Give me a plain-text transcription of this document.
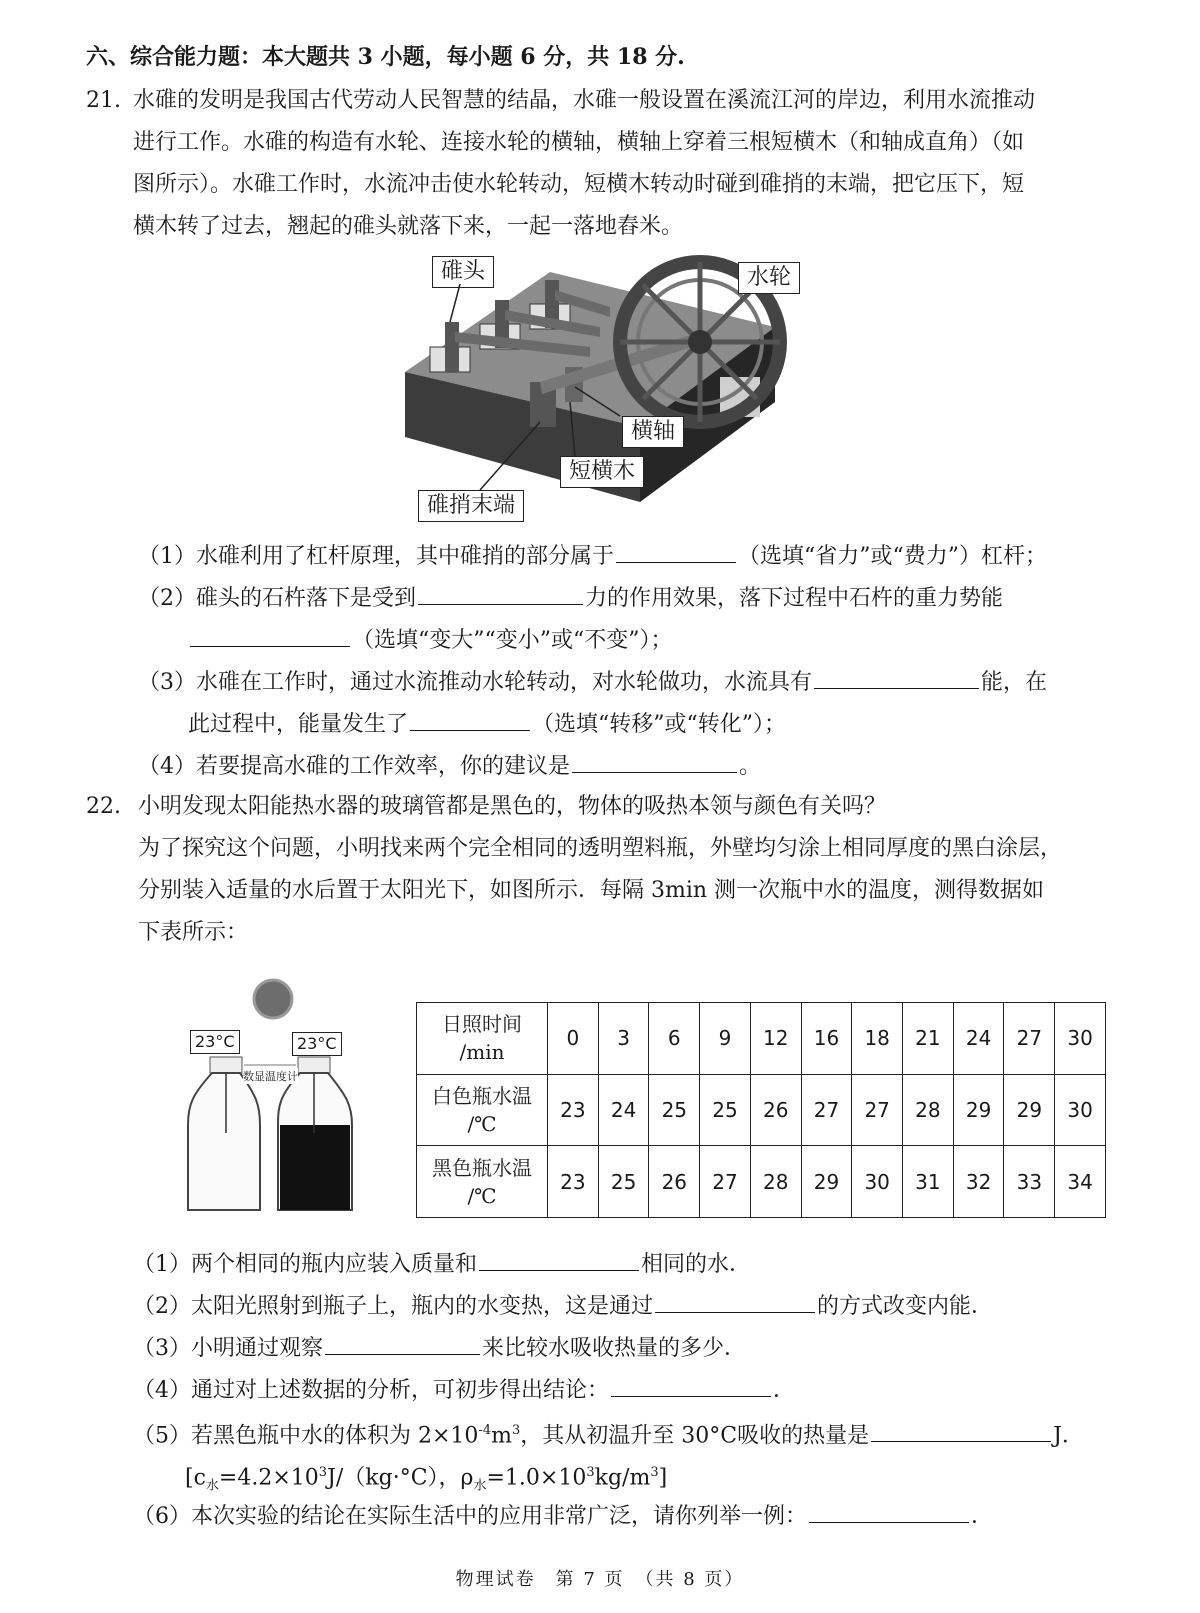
六、综合能力题：本大题共 3 小题，每小题 6 分，共 18 分.
21. 水碓的发明是我国古代劳动人民智慧的结晶，水碓一般设置在溪流江河的岸边，利用水流推动
进行工作。水碓的构造有水轮、连接水轮的横轴，横轴上穿着三根短横木（和轴成直角）（如
图所示）。水碓工作时，水流冲击使水轮转动，短横木转动时碰到碓捎的末端，把它压下，短
横木转了过去，翘起的碓头就落下来，一起一落地舂米。
碓头	水轮
横轴
短横木
碓捎末端
（1）水碓利用了杠杆原理，其中碓捎的部分属于	（选填“省力”或“费力”）杠杆；
（2）碓头的石杵落下是受到	力的作用效果，落下过程中石杵的重力势能
（选填“变大”“变小”或“不变”）；
（3）水碓在工作时，通过水流推动水轮转动，对水轮做功，水流具有	能，在
此过程中，能量发生了	（选填“转移”或“转化”）；
（4）若要提高水碓的工作效率，你的建议是	。
22. 小明发现太阳能热水器的玻璃管都是黑色的，物体的吸热本领与颜色有关吗？
为了探究这个问题，小明找来两个完全相同的透明塑料瓶，外壁均匀涂上相同厚度的黑白涂层，
分别装入适量的水后置于太阳光下，如图所示．每隔 3min 测一次瓶中水的温度，测得数据如
下表所示：
23°C	23°C
数显温度计
日照时间
/min	0	3	6	9	12	16	18	21	24	27	30
白色瓶水温
/℃	23	24	25	25	26	27	27	28	29	29	30
黑色瓶水温
/℃	23	25	26	27	28	29	30	31	32	33	34
（1）两个相同的瓶内应装入质量和	相同的水．
（2）太阳光照射到瓶子上，瓶内的水变热，这是通过	的方式改变内能．
（3）小明通过观察	来比较水吸收热量的多少．
（4）通过对上述数据的分析，可初步得出结论：	．
（5）若黑色瓶中水的体积为 $2\times 10^{-4}m^3$，其从初温升至 30°C吸收的热量是	J．
[$c_水=4.2\times 10^3J/(kg\cdot^\circ C)$，$\rho_水=1.0\times 10^3kg/m^3$]
（6）本次实验的结论在实际生活中的应用非常广泛，请你列举一例：	．
物理试卷　第 7 页　（共 8 页）
